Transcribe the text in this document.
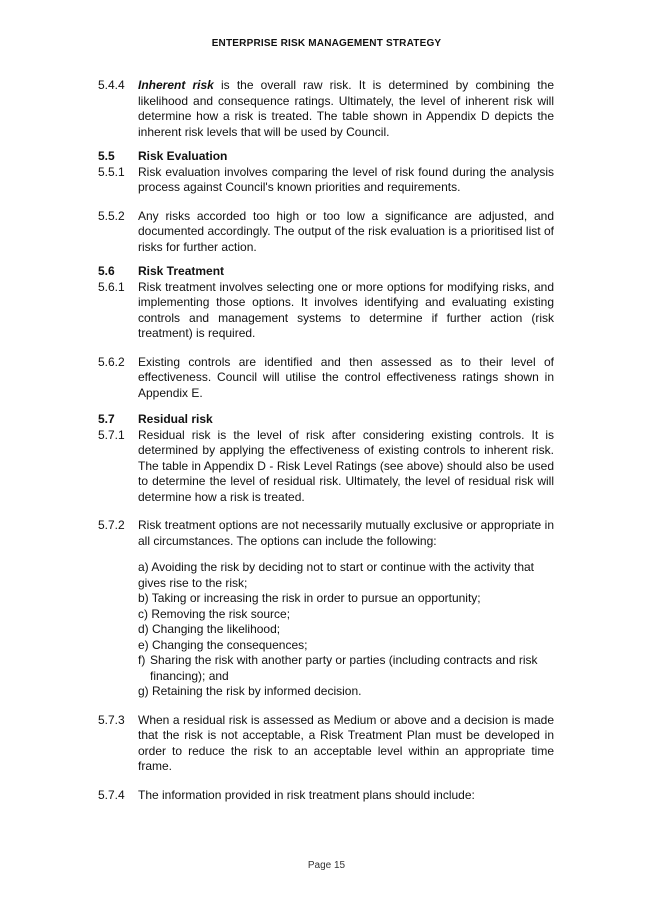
ENTERPRISE RISK MANAGEMENT STRATEGY
5.4.4 Inherent risk is the overall raw risk. It is determined by combining the likelihood and consequence ratings. Ultimately, the level of inherent risk will determine how a risk is treated. The table shown in Appendix D depicts the inherent risk levels that will be used by Council.
5.5 Risk Evaluation
5.5.1 Risk evaluation involves comparing the level of risk found during the analysis process against Council's known priorities and requirements.
5.5.2 Any risks accorded too high or too low a significance are adjusted, and documented accordingly. The output of the risk evaluation is a prioritised list of risks for further action.
5.6 Risk Treatment
5.6.1 Risk treatment involves selecting one or more options for modifying risks, and implementing those options. It involves identifying and evaluating existing controls and management systems to determine if further action (risk treatment) is required.
5.6.2 Existing controls are identified and then assessed as to their level of effectiveness. Council will utilise the control effectiveness ratings shown in Appendix E.
5.7 Residual risk
5.7.1 Residual risk is the level of risk after considering existing controls. It is determined by applying the effectiveness of existing controls to inherent risk. The table in Appendix D - Risk Level Ratings (see above) should also be used to determine the level of residual risk. Ultimately, the level of residual risk will determine how a risk is treated.
5.7.2 Risk treatment options are not necessarily mutually exclusive or appropriate in all circumstances. The options can include the following:
a) Avoiding the risk by deciding not to start or continue with the activity that gives rise to the risk;
b) Taking or increasing the risk in order to pursue an opportunity;
c) Removing the risk source;
d) Changing the likelihood;
e) Changing the consequences;
f) Sharing the risk with another party or parties (including contracts and risk financing); and
g) Retaining the risk by informed decision.
5.7.3 When a residual risk is assessed as Medium or above and a decision is made that the risk is not acceptable, a Risk Treatment Plan must be developed in order to reduce the risk to an acceptable level within an appropriate time frame.
5.7.4 The information provided in risk treatment plans should include:
Page 15
